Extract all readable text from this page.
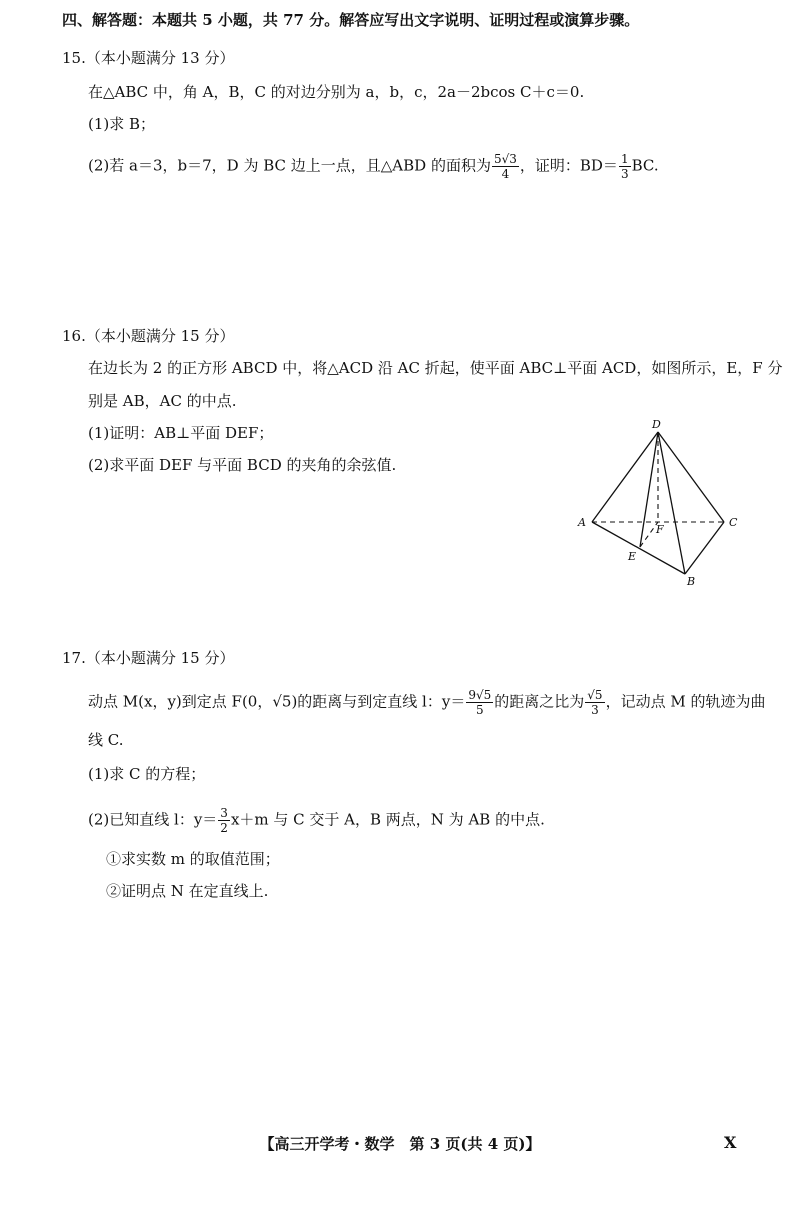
四、解答题：本题共 5 小题，共 77 分。解答应写出文字说明、证明过程或演算步骤。
15.（本小题满分 13 分）
在△ABC 中，角 A，B，C 的对边分别为 a，b，c，2a－2bcos C＋c＝0.
(1)求 B；
(2)若 a＝3，b＝7，D 为 BC 边上一点，且△ABD 的面积为 $\frac{5√3}{4}$ ，证明：$BD= \frac{1}{3}$ BC.
16.（本小题满分 15 分）
在边长为 2 的正方形 ABCD 中，将△ACD 沿 AC 折起，使平面 ABC⊥平面 ACD，如图所示，E，F 分
别是 AB，AC 的中点.
(1)证明：AB⊥平面 DEF；
(2)求平面 DEF 与平面 BCD 的夹角的余弦值.
D
A	C
F
E
B
17.（本小题满分 15 分）
动点 M(x，y)到定点 F(0，√5)的距离与到定直线 l：$y= \frac{9√5}{5}$ 的距离之比为 $\frac{√5}{3}$ ，记动点 M 的轨迹为曲
线 C.
(1)求 C 的方程；
(2)已知直线 l：$y= \frac{3}{2} x+m$ 与 C 交于 A，B 两点，N 为 AB 的中点.
①求实数 m 的取值范围；
②证明点 N 在定直线上.
【高三开学考・数学　第 3 页(共 4 页)】	X
